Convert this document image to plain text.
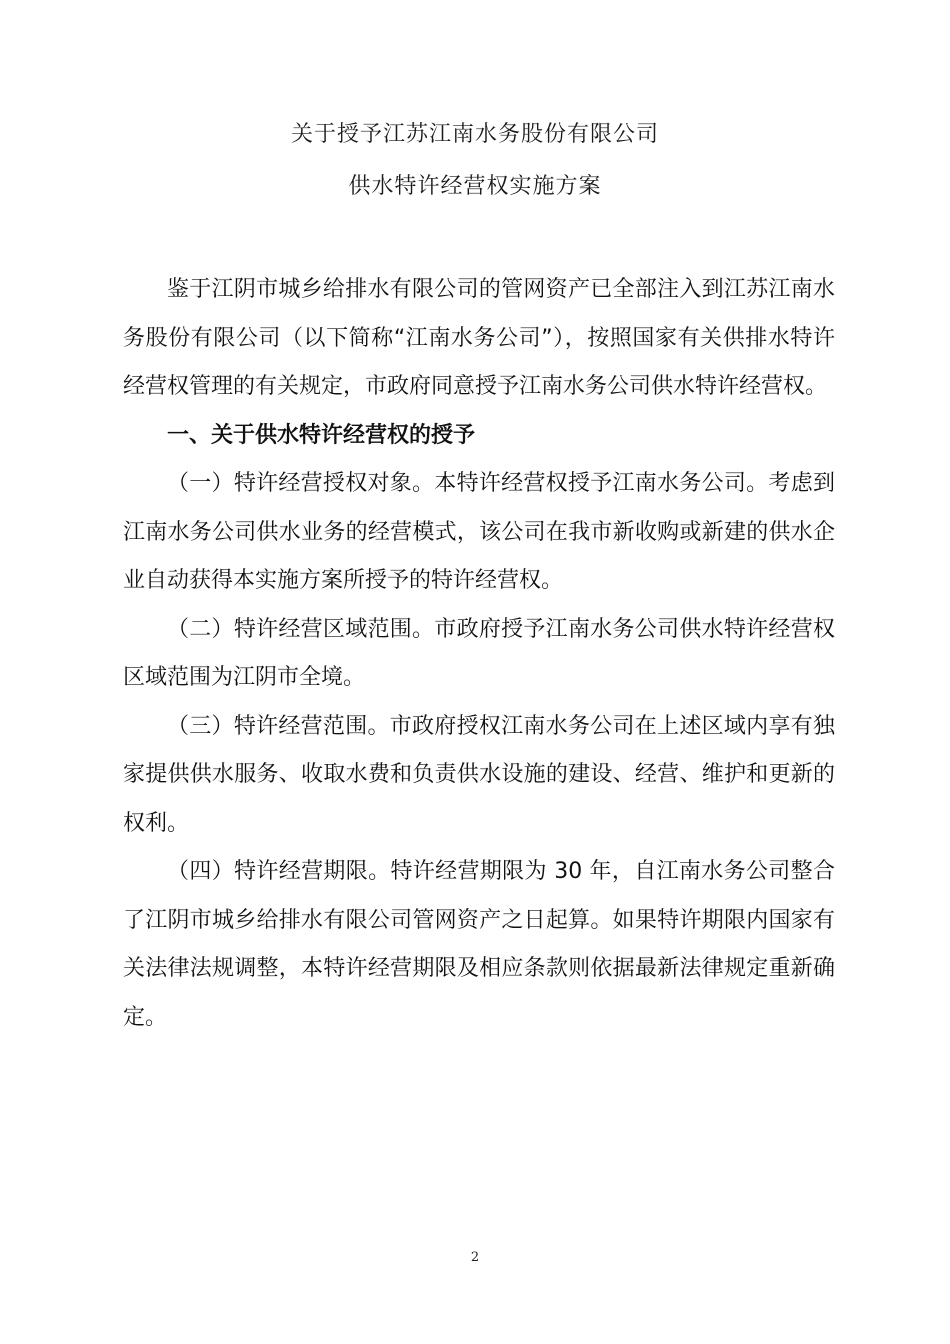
关于授予江苏江南水务股份有限公司
供水特许经营权实施方案

鉴于江阴市城乡给排水有限公司的管网资产已全部注入到江苏江南水务股份有限公司（以下简称“江南水务公司”），按照国家有关供排水特许经营权管理的有关规定，市政府同意授予江南水务公司供水特许经营权。

一、关于供水特许经营权的授予

（一）特许经营授权对象。本特许经营权授予江南水务公司。考虑到江南水务公司供水业务的经营模式，该公司在我市新收购或新建的供水企业自动获得本实施方案所授予的特许经营权。

（二）特许经营区域范围。市政府授予江南水务公司供水特许经营权区域范围为江阴市全境。

（三）特许经营范围。市政府授权江南水务公司在上述区域内享有独家提供供水服务、收取水费和负责供水设施的建设、经营、维护和更新的权利。

（四）特许经营期限。特许经营期限为 30 年，自江南水务公司整合了江阴市城乡给排水有限公司管网资产之日起算。如果特许期限内国家有关法律法规调整，本特许经营期限及相应条款则依据最新法律规定重新确定。

2
